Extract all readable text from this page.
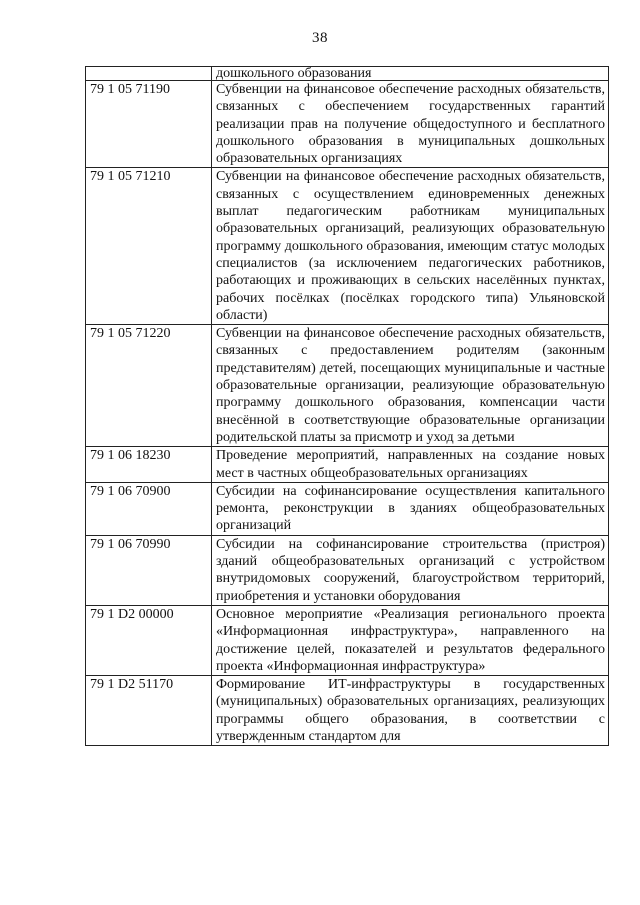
38
	дошкольного образования
79 1 05 71190	Субвенции на финансовое обеспечение расходных обязательств, связанных с обеспечением государственных гарантий реализации прав на получение общедоступного и бесплатного дошкольного образования в муниципальных дошкольных образовательных организациях
79 1 05 71210	Субвенции на финансовое обеспечение расходных обязательств, связанных с осуществлением единовременных денежных выплат педагогическим работникам муниципальных образовательных организаций, реализующих образовательную программу дошкольного образования, имеющим статус молодых специалистов (за исключением педагогических работников, работающих и проживающих в сельских населённых пунктах, рабочих посёлках (посёлках городского типа) Ульяновской области)
79 1 05 71220	Субвенции на финансовое обеспечение расходных обязательств, связанных с предоставлением родителям (законным представителям) детей, посещающих муниципальные и частные образовательные организации, реализующие образовательную программу дошкольного образования, компенсации части внесённой в соответствующие образовательные организации родительской платы за присмотр и уход за детьми
79 1 06 18230	Проведение мероприятий, направленных на создание новых мест в частных общеобразовательных организациях
79 1 06 70900	Субсидии на софинансирование осуществления капитального ремонта, реконструкции в зданиях общеобразовательных организаций
79 1 06 70990	Субсидии на софинансирование строительства (пристроя) зданий общеобразовательных организаций с устройством внутридомовых сооружений, благоустройством территорий, приобретения и установки оборудования
79 1 D2 00000	Основное мероприятие «Реализация регионального проекта «Информационная инфраструктура», направленного на достижение целей, показателей и результатов федерального проекта «Информационная инфраструктура»
79 1 D2 51170	Формирование ИТ-инфраструктуры в государственных (муниципальных) образовательных организациях, реализующих программы общего образования, в соответствии с утвержденным стандартом для
